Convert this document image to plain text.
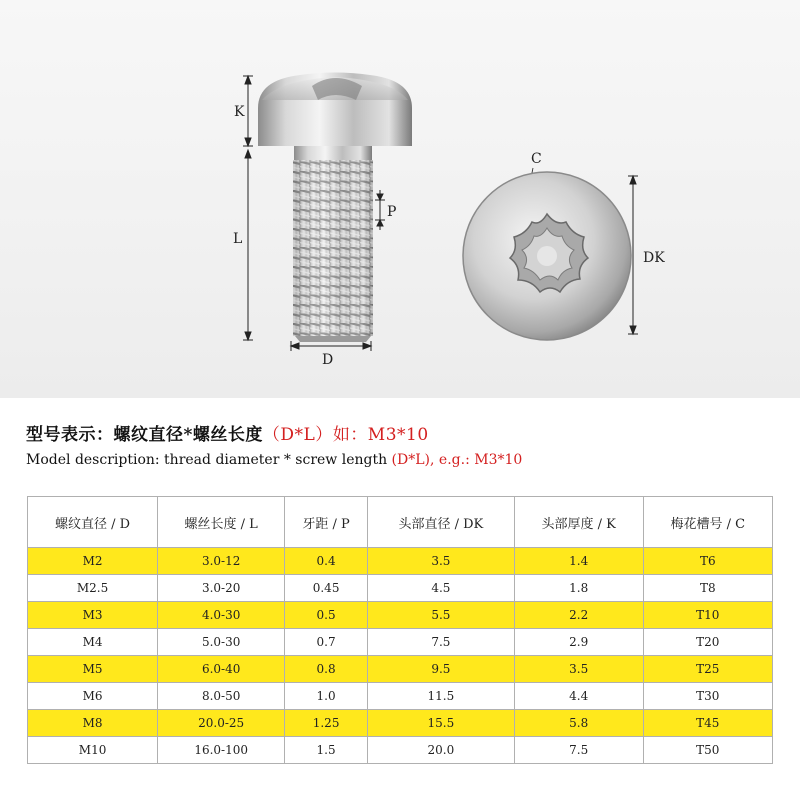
K
L
P
D
C
DK
型号表示：螺纹直径*螺丝长度（D*L）如：M3*10
Model description: thread diameter * screw length (D*L), e.g.: M3*10
螺纹直径 / D	螺丝长度 / L	牙距 / P	头部直径 / DK	头部厚度 / K	梅花槽号 / C
M2	3.0-12	0.4	3.5	1.4	T6
M2.5	3.0-20	0.45	4.5	1.8	T8
M3	4.0-30	0.5	5.5	2.2	T10
M4	5.0-30	0.7	7.5	2.9	T20
M5	6.0-40	0.8	9.5	3.5	T25
M6	8.0-50	1.0	11.5	4.4	T30
M8	20.0-25	1.25	15.5	5.8	T45
M10	16.0-100	1.5	20.0	7.5	T50
